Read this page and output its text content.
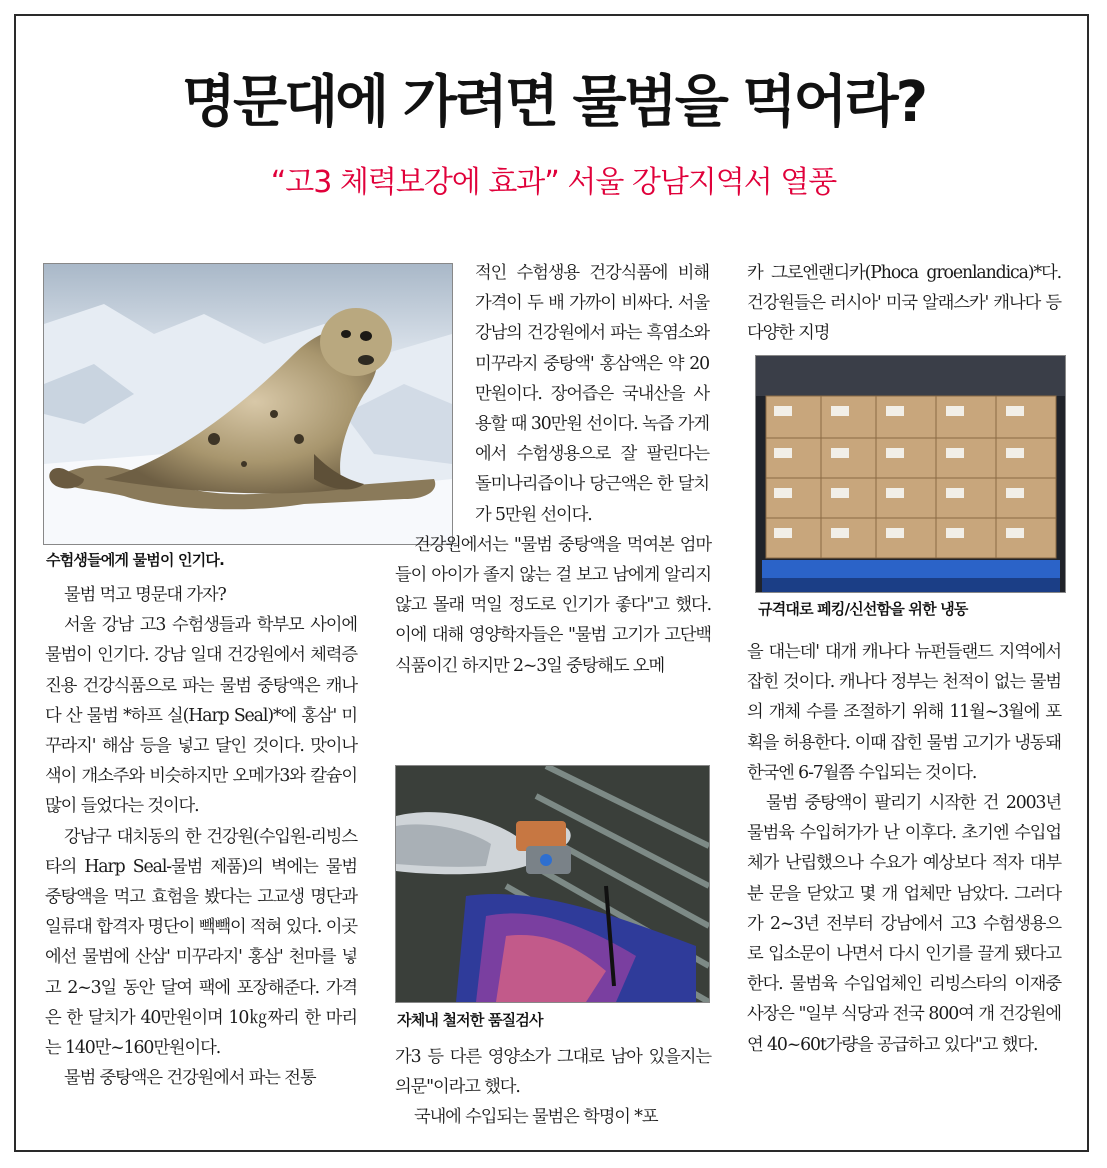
명문대에 가려면 물범을 먹어라?
“고3 체력보강에 효과” 서울 강남지역서 열풍
수험생들에게 물범이 인기다.
규격대로 페킹/신선함을 위한 냉동
자체내 철저한 품질검사

물범 먹고 명문대 가자?

서울 강남 고3 수험생들과 학부모 사이에 물범이 인기다. 강남 일대 건강원에서 체력증진용 건강식품으로 파는 물범 중탕액은 캐나다 산 물범 *하프 실(Harp Seal)*에 홍삼' 미꾸라지' 해삼 등을 넣고 달인 것이다. 맛이나 색이 개소주와 비슷하지만 오메가3와 칼슘이 많이 들었다는 것이다.

강남구 대치동의 한 건강원(수입원-리빙스타의 Harp Seal-물범 제품)의 벽에는 물범 중탕액을 먹고 효험을 봤다는 고교생 명단과 일류대 합격자 명단이 빽빽이 적혀 있다. 이곳에선 물범에 산삼' 미꾸라지' 홍삼' 천마를 넣고 2~3일 동안 달여 팩에 포장해준다. 가격은 한 달치가 40만원이며 10㎏짜리 한 마리는 140만~160만원이다.

물범 중탕액은 건강원에서 파는 전통

적인 수험생용 건강식품에 비해 가격이 두 배 가까이 비싸다. 서울 강남의 건강원에서 파는 흑염소와 미꾸라지 중탕액' 홍삼액은 약 20만원이다. 장어즙은 국내산을 사용할 때 30만원 선이다. 녹즙 가게에서 수험생용으로 잘 팔린다는 돌미나리즙이나 당근액은 한 달치가 5만원 선이다.

건강원에서는 "물범 중탕액을 먹여본 엄마들이 아이가 졸지 않는 걸 보고 남에게 알리지 않고 몰래 먹일 정도로 인기가 좋다"고 했다. 이에 대해 영양학자들은 "물범 고기가 고단백 식품이긴 하지만 2~3일 중탕해도 오메

가3 등 다른 영양소가 그대로 남아 있을지는 의문"이라고 했다.

국내에 수입되는 물범은 학명이 *포

카 그로엔랜디카(Phoca groenlandica)*다. 건강원들은 러시아' 미국 알래스카' 캐나다 등 다양한 지명

을 대는데' 대개 캐나다 뉴펀들랜드 지역에서 잡힌 것이다. 캐나다 정부는 천적이 없는 물범의 개체 수를 조절하기 위해 11월~3월에 포획을 허용한다. 이때 잡힌 물범 고기가 냉동돼 한국엔 6-7월쯤 수입되는 것이다.

물범 중탕액이 팔리기 시작한 건 2003년 물범육 수입허가가 난 이후다. 초기엔 수입업체가 난립했으나 수요가 예상보다 적자 대부분 문을 닫았고 몇 개 업체만 남았다. 그러다가 2~3년 전부터 강남에서 고3 수험생용으로 입소문이 나면서 다시 인기를 끌게 됐다고 한다. 물범육 수입업체인 리빙스타의 이재중 사장은 "일부 식당과 전국 800여 개 건강원에 연 40~60t가량을 공급하고 있다"고 했다.
